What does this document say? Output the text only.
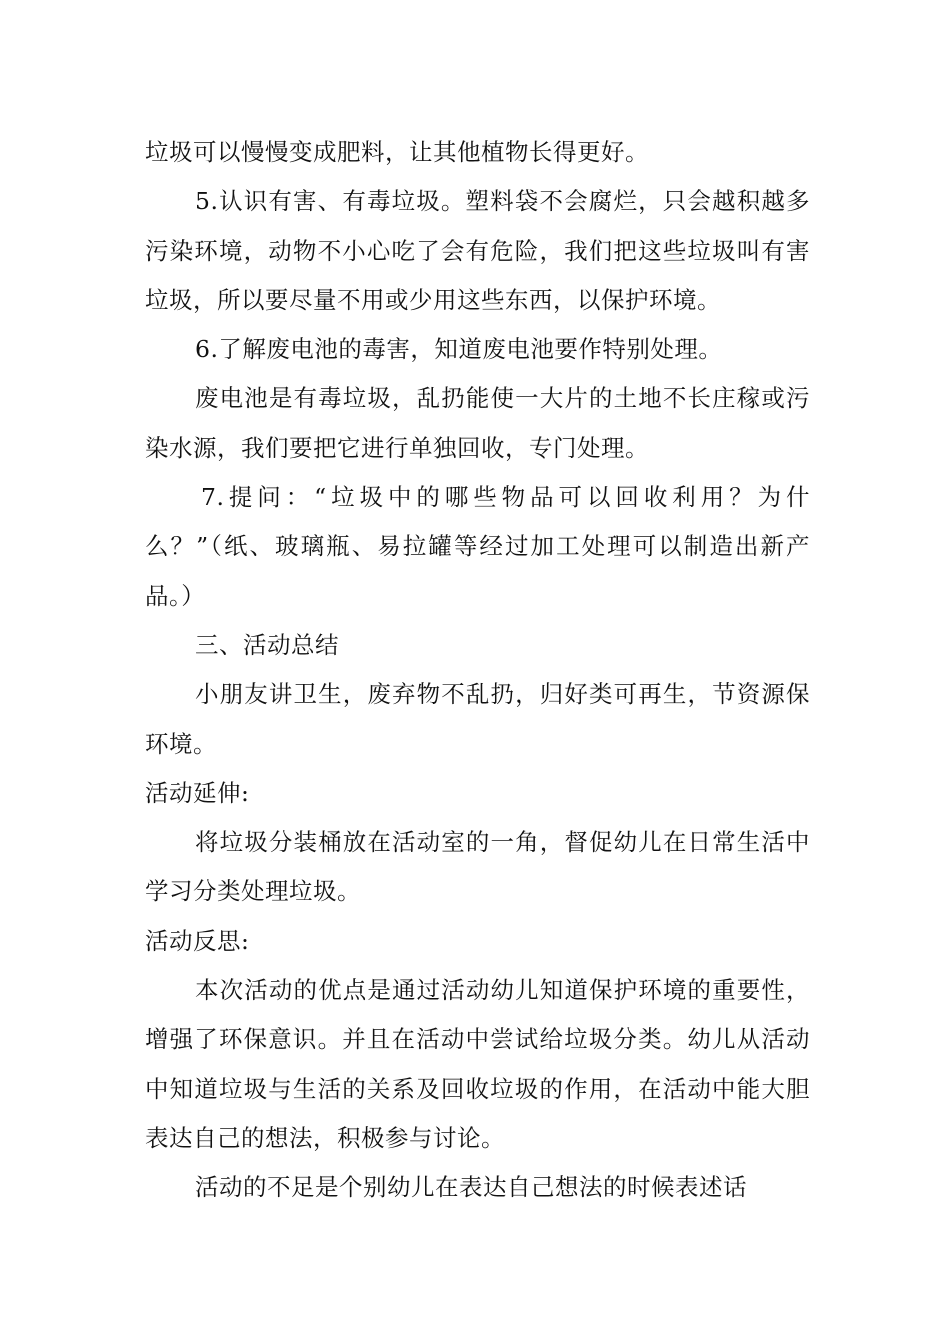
垃圾可以慢慢变成肥料，让其他植物长得更好。

5.认识有害、有毒垃圾。塑料袋不会腐烂，只会越积越多污染环境，动物不小心吃了会有危险，我们把这些垃圾叫有害垃圾，所以要尽量不用或少用这些东西，以保护环境。

6.了解废电池的毒害，知道废电池要作特别处理。

废电池是有毒垃圾，乱扔能使一大片的土地不长庄稼或污染水源，我们要把它进行单独回收，专门处理。

7.提问：“垃圾中的哪些物品可以回收利用？为什么？”（纸、玻璃瓶、易拉罐等经过加工处理可以制造出新产品。）

三、活动总结

小朋友讲卫生，废弃物不乱扔，归好类可再生，节资源保环境。

活动延伸:

将垃圾分装桶放在活动室的一角，督促幼儿在日常生活中学习分类处理垃圾。

活动反思:

本次活动的优点是通过活动幼儿知道保护环境的重要性，增强了环保意识。并且在活动中尝试给垃圾分类。幼儿从活动中知道垃圾与生活的关系及回收垃圾的作用，在活动中能大胆表达自己的想法，积极参与讨论。

活动的不足是个别幼儿在表达自己想法的时候表述话
